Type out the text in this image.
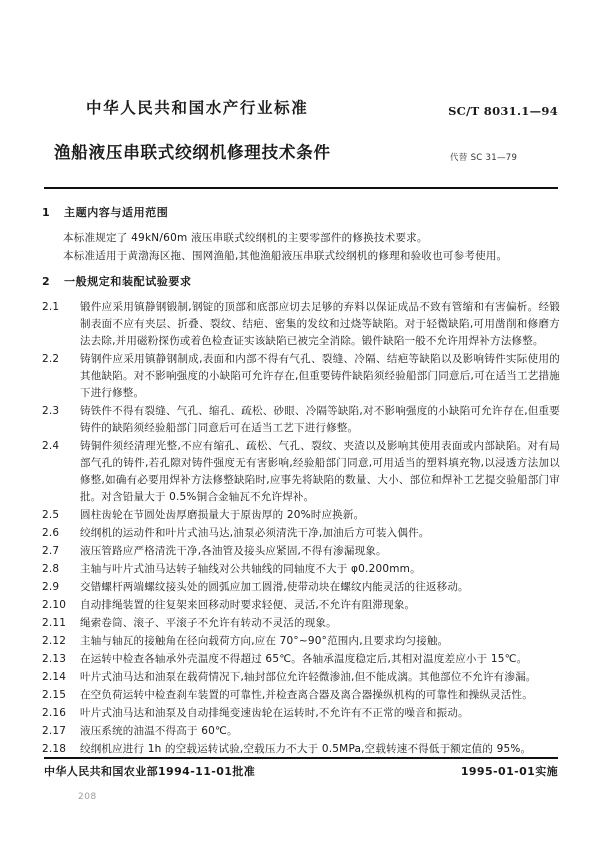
中华人民共和国水产行业标准	SC/T 8031.1—94
渔船液压串联式绞纲机修理技术条件	代替 SC 31—79
1	主题内容与适用范围

本标准规定了 49kN/60m 液压串联式绞纲机的主要零部件的修换技术要求。

本标准适用于黄渤海区拖、围网渔船,其他渔船液压串联式绞纲机的修理和验收也可参考使用。

2	一般规定和装配试验要求
2.1	锻件应采用镇静钢锻制,钢锭的顶部和底部应切去足够的弃料以保证成品不致有管缩和有害偏析。经锻制表面不应有夹层、折叠、裂纹、结疤、密集的发纹和过烧等缺陷。对于轻微缺陷,可用凿削和修磨方法去除,并用磁粉探伤或着色检查证实该缺陷已被完全消除。锻件缺陷一般不允许用焊补方法修整。
2.2	铸钢件应采用镇静钢制成,表面和内部不得有气孔、裂缝、冷隔、结疤等缺陷以及影响铸件实际使用的其他缺陷。对不影响强度的小缺陷可允许存在,但重要铸件缺陷须经验船部门同意后,可在适当工艺措施下进行修整。
2.3	铸铁件不得有裂缝、气孔、缩孔、疏松、砂眼、冷隔等缺陷,对不影响强度的小缺陷可允许存在,但重要铸件的缺陷须经验船部门同意后可在适当工艺下进行修整。
2.4	铸铜件须经清理光整,不应有缩孔、疏松、气孔、裂纹、夹渣以及影响其使用表面或内部缺陷。对有局部气孔的铸件,若孔隙对铸件强度无有害影响,经验船部门同意,可用适当的塑料填充物,以浸透方法加以修整,如确有必要用焊补方法修整缺陷时,应事先将缺陷的数量、大小、部位和焊补工艺提交验船部门审批。对含铅量大于 0.5%铜合金轴瓦不允许焊补。
2.5	圆柱齿轮在节圆处齿厚磨损量大于原齿厚的 20%时应换新。
2.6	绞纲机的运动件和叶片式油马达,油泵必须清洗干净,加油后方可装入偶件。
2.7	液压管路应严格清洗干净,各油管及接头应紧固,不得有渗漏现象。
2.8	主轴与叶片式油马达转子轴线对公共轴线的同轴度不大于 φ0.200mm。
2.9	交错螺杆两端螺纹接头处的圆弧应加工圆滑,使带动块在螺纹内能灵活的往返移动。
2.10	自动排绳装置的往复架来回移动时要求轻便、灵活,不允许有阻滞现象。
2.11	绳索卷筒、滚子、平滚子不允许有转动不灵活的现象。
2.12	主轴与轴瓦的接触角在径向载荷方向,应在 70°~90°范围内,且要求均匀接触。
2.13	在运转中检查各轴承外壳温度不得超过 65℃。各轴承温度稳定后,其相对温度差应小于 15℃。
2.14	叶片式油马达和油泵在载荷情况下,轴封部位允许轻微渗油,但不能成漓。其他部位不允许有渗漏。
2.15	在空负荷运转中检查刹车装置的可靠性,并检查离合器及离合器操纵机构的可靠性和操纵灵活性。
2.16	叶片式油马达和油泵及自动排绳变速齿轮在运转时,不允许有不正常的噪音和振动。
2.17	液压系统的油温不得高于 60℃。
2.18	绞纲机应进行 1h 的空载运转试验,空载压力不大于 0.5MPa,空载转速不得低于额定值的 95%。
中华人民共和国农业部1994-11-01批准	1995-01-01实施
208
